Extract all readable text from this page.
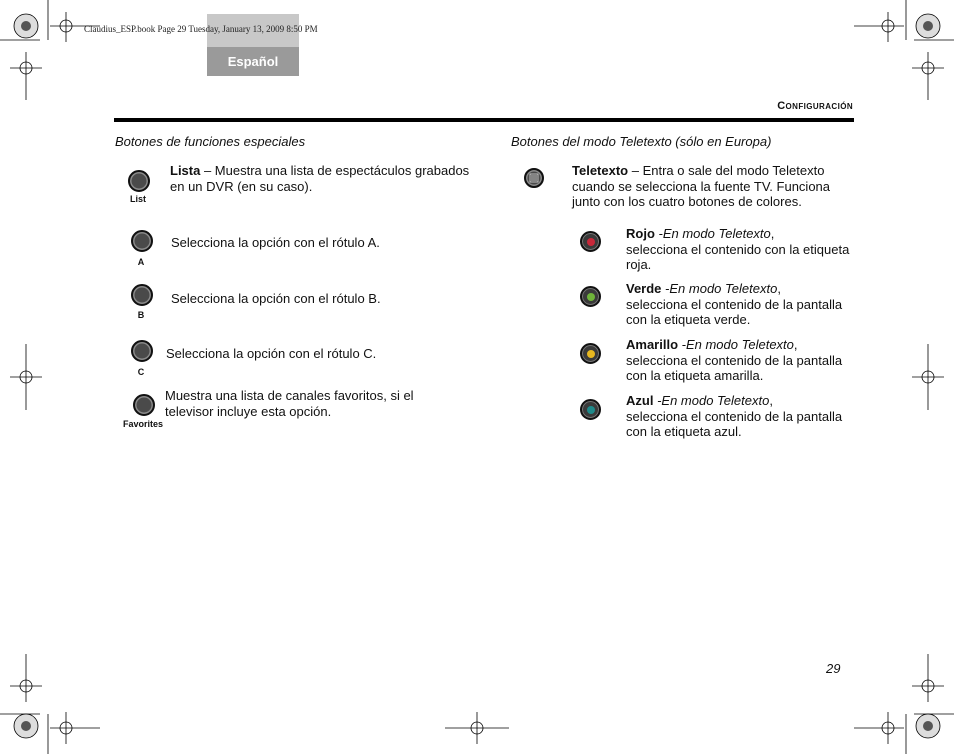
Claudius_ESP.book Page 29 Tuesday, January 13, 2009 8:50 PM
Español
Configuración
Botones de funciones especiales
List
Lista – Muestra una lista de espectáculos grabados en un DVR (en su caso).
A
Selecciona la opción con el rótulo A.
B
Selecciona la opción con el rótulo B.
C
Selecciona la opción con el rótulo C.
Favorites
Muestra una lista de canales favoritos, si el televisor incluye esta opción.
Botones del modo Teletexto (sólo en Europa)
Teletexto – Entra o sale del modo Teletexto cuando se selecciona la fuente TV. Funciona junto con los cuatro botones de colores.
Rojo -En modo Teletexto,
selecciona el contenido con la etiqueta roja.
Verde -En modo Teletexto,
selecciona el contenido de la pantalla con la etiqueta verde.
Amarillo -En modo Teletexto,
selecciona el contenido de la pantalla con la etiqueta amarilla.
Azul -En modo Teletexto,
selecciona el contenido de la pantalla con la etiqueta azul.
29
